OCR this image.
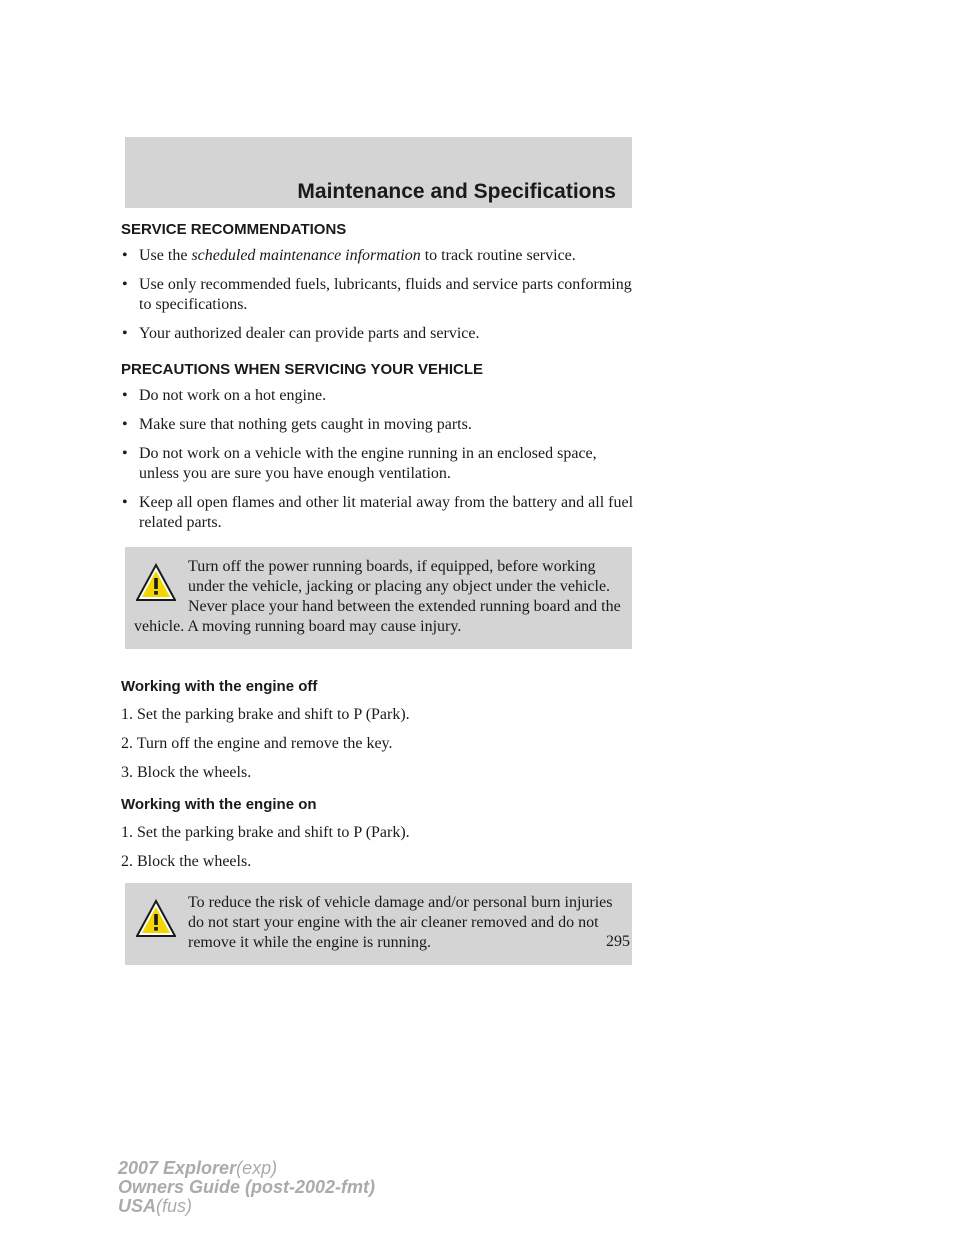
Maintenance and Specifications
SERVICE RECOMMENDATIONS
• Use the scheduled maintenance information to track routine service.
• Use only recommended fuels, lubricants, fluids and service parts conforming to specifications.
• Your authorized dealer can provide parts and service.
PRECAUTIONS WHEN SERVICING YOUR VEHICLE
• Do not work on a hot engine.
• Make sure that nothing gets caught in moving parts.
• Do not work on a vehicle with the engine running in an enclosed space, unless you are sure you have enough ventilation.
• Keep all open flames and other lit material away from the battery and all fuel related parts.

Turn off the power running boards, if equipped, before working under the vehicle, jacking or placing any object under the vehicle. Never place your hand between the extended running board and the vehicle. A moving running board may cause injury.

Working with the engine off
1. Set the parking brake and shift to P (Park).
2. Turn off the engine and remove the key.
3. Block the wheels.
Working with the engine on
1. Set the parking brake and shift to P (Park).
2. Block the wheels.

To reduce the risk of vehicle damage and/or personal burn injuries do not start your engine with the air cleaner removed and do not remove it while the engine is running.	295
2007 Explorer(exp)
Owners Guide (post-2002-fmt)
USA(fus)
